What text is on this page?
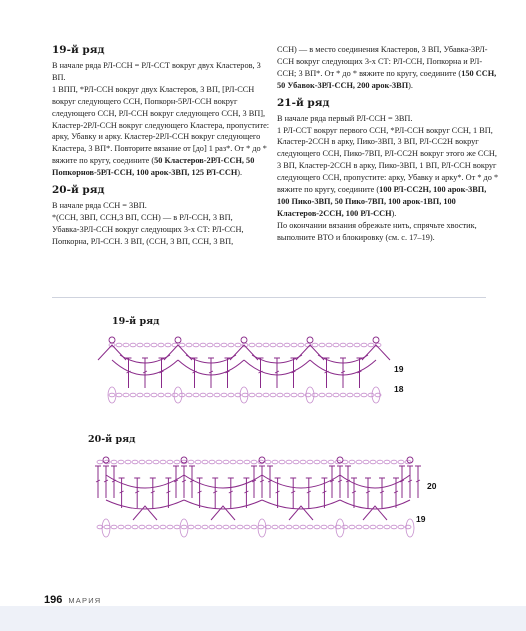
19-й ряд

В начале ряда РЛ-ССН = РЛ-ССТ вокруг двух Кластеров, 3 ВП.

1 ВПП, *РЛ-ССН вокруг двух Кластеров, 3 ВП, [РЛ-ССН вокруг следующего ССН, Попкорн-5РЛ-ССН вокруг следующего ССН, РЛ-ССН вокруг следующего ССН, 3 ВП], Кластер-2РЛ-ССН вокруг следующего Кластера, пропустите: арку, Убавку и арку. Кластер-2РЛ-ССН вокруг следующего Кластера, 3 ВП*. Повторите вязание от [до] 1 раз*. От * до * вяжите по кругу, соедините (50 Кластеров-2РЛ-ССН, 50 Попкорнов-5РЛ-ССН, 100 арок-3ВП, 125 РЛ-ССН).

20-й ряд

В начале ряда ССН = 3ВП.

*(ССН, 3ВП, ССН,3 ВП, ССН) — в РЛ-ССН, 3 ВП, Убавка-3РЛ-ССН вокруг следующих 3-х СТ: РЛ-ССН, Попкорна, РЛ-ССН. 3 ВП, (ССН, 3 ВП, ССН, 3 ВП,

ССН) — в место соединения Кластеров, 3 ВП, Убавка-3РЛ-ССН вокруг следующих 3-х СТ: РЛ-ССН, Попкорна и РЛ-ССН; 3 ВП*. От * до * вяжите по кругу, соедините (150 ССН, 50 Убавок-3РЛ-ССН, 200 арок-3ВП).

21-й ряд

В начале ряда первый РЛ-ССН = 3ВП.

1 РЛ-ССТ вокруг первого ССН, *РЛ-ССН вокруг ССН, 1 ВП, Кластер-2ССН в арку, Пико-3ВП, 3 ВП, РЛ-СС2Н вокруг следующего ССН, Пико-7ВП, РЛ-СС2Н вокруг этого же ССН, 3 ВП, Кластер-2ССН в арку, Пико-3ВП, 1 ВП, РЛ-ССН вокруг следующего ССН, пропустите: арку, Убавку и арку*. От * до * вяжите по кругу, соедините (100 РЛ-СС2Н, 100 арок-3ВП, 100 Пико-3ВП, 50 Пико-7ВП, 100 арок-1ВП, 100 Кластеров-2ССН, 100 РЛ-ССН).

По окончании вязания обрежьте нить, спрячьте хвостик, выполните ВТО и блокировку (см. с. 17–19).

19-й ряд
20-й ряд
19
18
20
19
196 МАРИЯ
